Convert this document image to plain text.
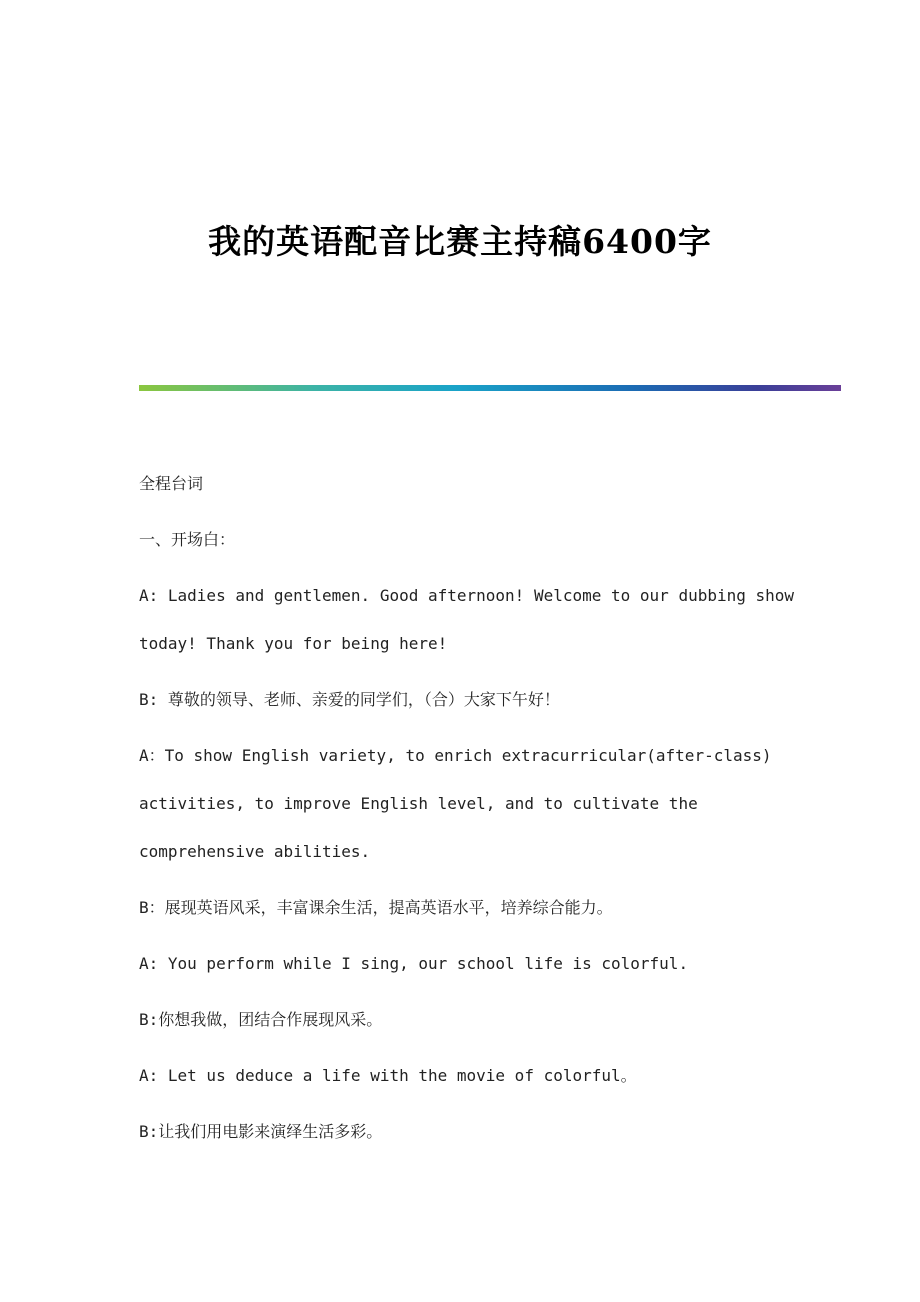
我的英语配音比赛主持稿6400字

全程台词

一、开场白：

A: Ladies and gentlemen. Good afternoon! Welcome to our dubbing show today! Thank you for being here!

B: 尊敬的领导、老师、亲爱的同学们，（合）大家下午好！

A：To show English variety, to enrich extracurricular(after-class) activities, to improve English level, and to cultivate the comprehensive abilities.

B：展现英语风采，丰富课余生活，提高英语水平，培养综合能力。

A: You perform while I sing, our school life is colorful.

B:你想我做，团结合作展现风采。

A: Let us deduce a life with the movie of colorful。

B:让我们用电影来演绎生活多彩。
